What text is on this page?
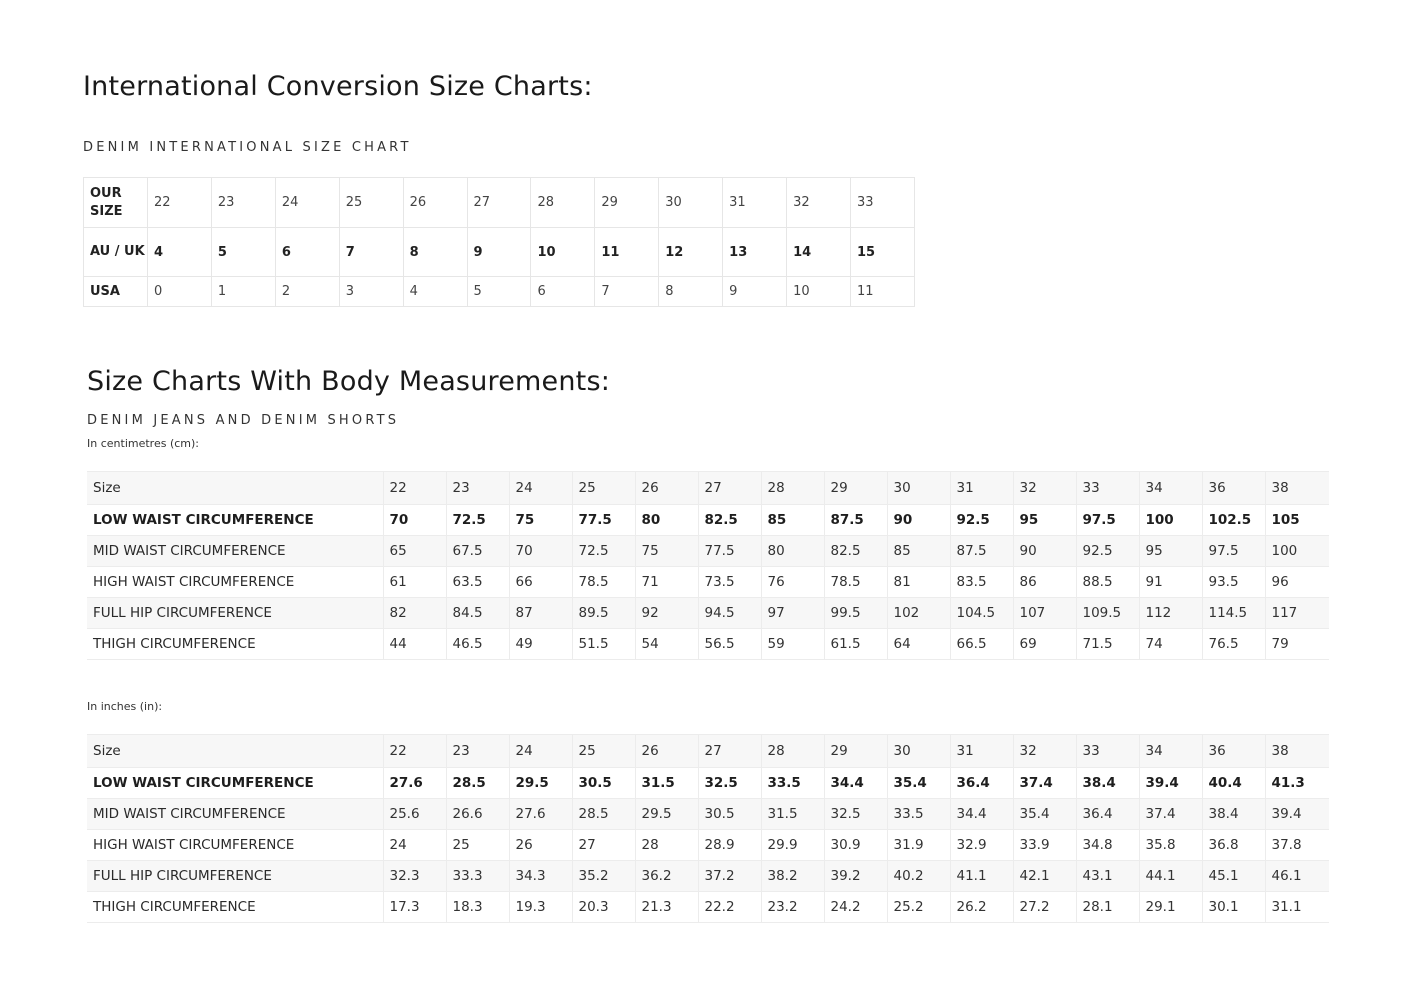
International Conversion Size Charts:
DENIM INTERNATIONAL SIZE CHART
OUR SIZE	22	23	24	25	26	27	28	29	30	31	32	33
AU / UK	4	5	6	7	8	9	10	11	12	13	14	15
USA	0	1	2	3	4	5	6	7	8	9	10	11
Size Charts With Body Measurements:
DENIM JEANS AND DENIM SHORTS

In centimetres (cm):

Size	22	23	24	25	26	27	28	29	30	31	32	33	34	36	38
LOW WAIST CIRCUMFERENCE	70	72.5	75	77.5	80	82.5	85	87.5	90	92.5	95	97.5	100	102.5	105
MID WAIST CIRCUMFERENCE	65	67.5	70	72.5	75	77.5	80	82.5	85	87.5	90	92.5	95	97.5	100
HIGH WAIST CIRCUMFERENCE	61	63.5	66	78.5	71	73.5	76	78.5	81	83.5	86	88.5	91	93.5	96
FULL HIP CIRCUMFERENCE	82	84.5	87	89.5	92	94.5	97	99.5	102	104.5	107	109.5	112	114.5	117
THIGH CIRCUMFERENCE	44	46.5	49	51.5	54	56.5	59	61.5	64	66.5	69	71.5	74	76.5	79

In inches (in):

Size	22	23	24	25	26	27	28	29	30	31	32	33	34	36	38
LOW WAIST CIRCUMFERENCE	27.6	28.5	29.5	30.5	31.5	32.5	33.5	34.4	35.4	36.4	37.4	38.4	39.4	40.4	41.3
MID WAIST CIRCUMFERENCE	25.6	26.6	27.6	28.5	29.5	30.5	31.5	32.5	33.5	34.4	35.4	36.4	37.4	38.4	39.4
HIGH WAIST CIRCUMFERENCE	24	25	26	27	28	28.9	29.9	30.9	31.9	32.9	33.9	34.8	35.8	36.8	37.8
FULL HIP CIRCUMFERENCE	32.3	33.3	34.3	35.2	36.2	37.2	38.2	39.2	40.2	41.1	42.1	43.1	44.1	45.1	46.1
THIGH CIRCUMFERENCE	17.3	18.3	19.3	20.3	21.3	22.2	23.2	24.2	25.2	26.2	27.2	28.1	29.1	30.1	31.1
